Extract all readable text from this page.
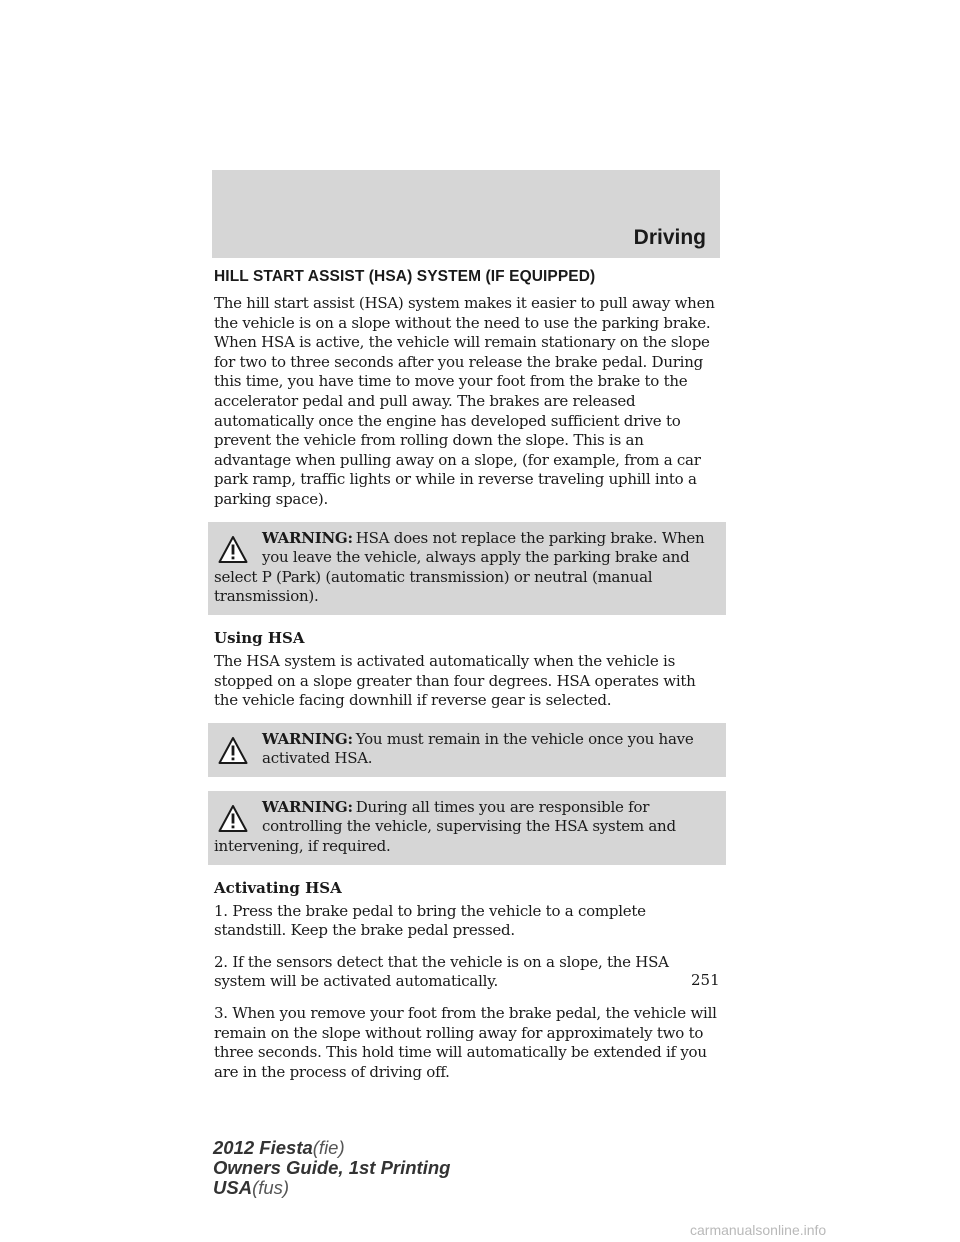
Driving
HILL START ASSIST (HSA) SYSTEM (IF EQUIPPED)

The hill start assist (HSA) system makes it easier to pull away when the vehicle is on a slope without the need to use the parking brake. When HSA is active, the vehicle will remain stationary on the slope for two to three seconds after you release the brake pedal. During this time, you have time to move your foot from the brake to the accelerator pedal and pull away. The brakes are released automatically once the engine has developed sufficient drive to prevent the vehicle from rolling down the slope. This is an advantage when pulling away on a slope, (for example, from a car park ramp, traffic lights or while in reverse traveling uphill into a parking space).

WARNING: HSA does not replace the parking brake. When you leave the vehicle, always apply the parking brake and select P (Park) (automatic transmission) or neutral (manual transmission).
Using HSA

The HSA system is activated automatically when the vehicle is stopped on a slope greater than four degrees. HSA operates with the vehicle facing downhill if reverse gear is selected.

WARNING: You must remain in the vehicle once you have activated HSA.
WARNING: During all times you are responsible for controlling the vehicle, supervising the HSA system and intervening, if required.
Activating HSA

1. Press the brake pedal to bring the vehicle to a complete standstill. Keep the brake pedal pressed.

2. If the sensors detect that the vehicle is on a slope, the HSA system will be activated automatically.

3. When you remove your foot from the brake pedal, the vehicle will remain on the slope without rolling away for approximately two to three seconds. This hold time will automatically be extended if you are in the process of driving off.

251
2012 Fiesta(fie)
Owners Guide, 1st Printing
USA(fus)
carmanualsonline.info
